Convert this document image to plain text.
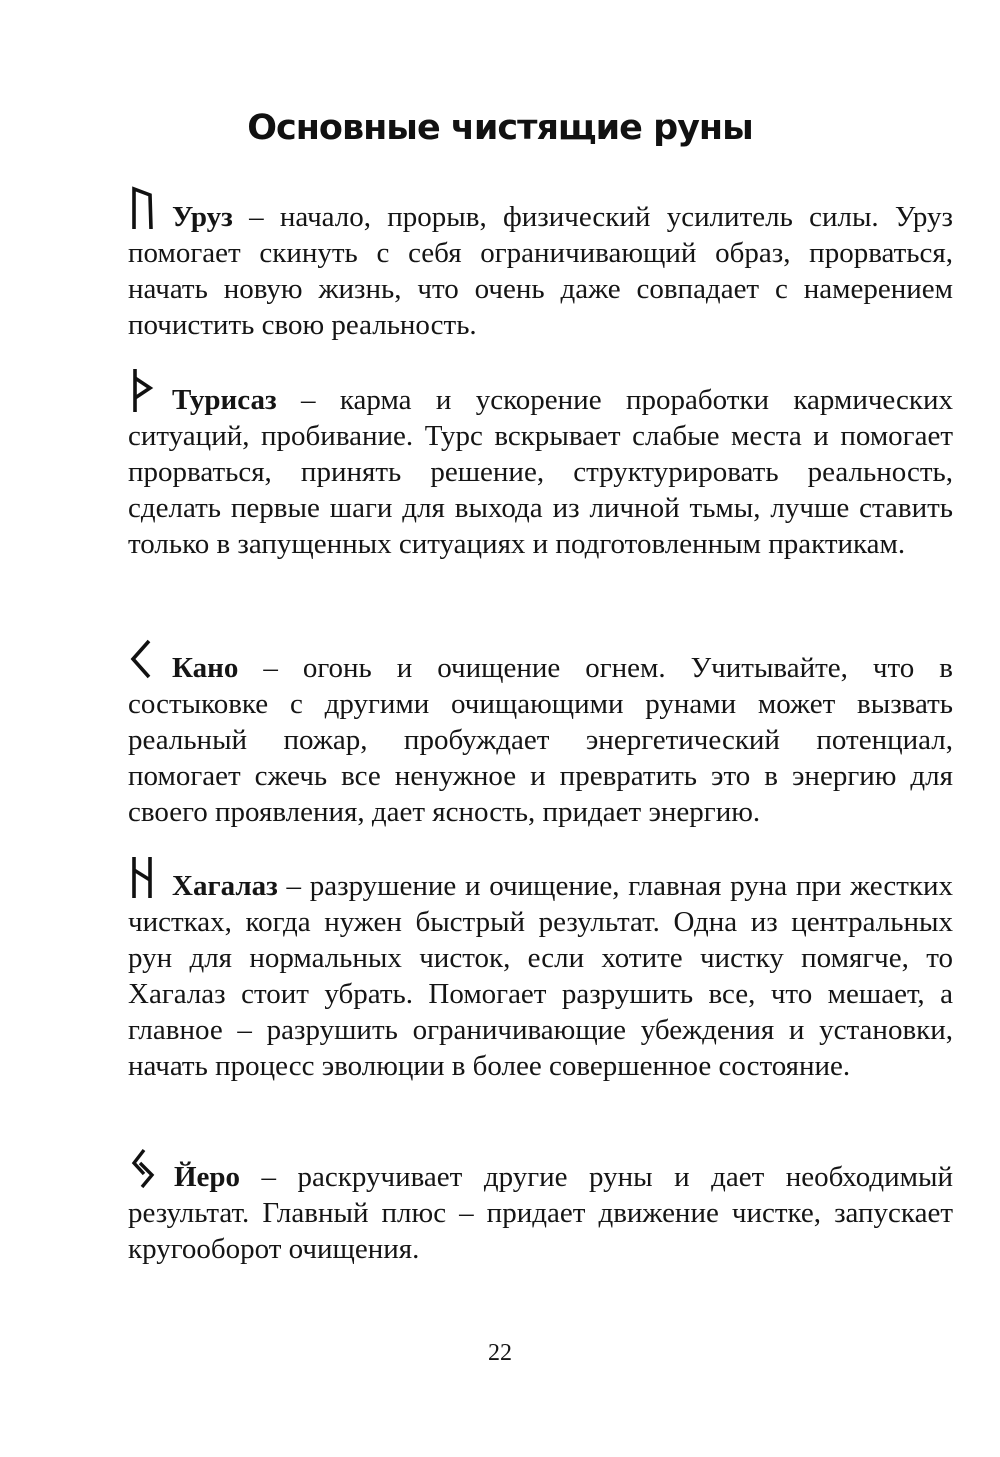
Основные чистящие руны

Уруз – начало, прорыв, физический усилитель силы. Уруз помогает скинуть с себя ограничивающий образ, прорваться, начать новую жизнь, что очень даже совпадает с намерением почистить свою реальность.

Турисаз – карма и ускорение проработки кармических ситуаций, пробивание. Турс вскрывает слабые места и помогает прорваться, принять решение, структурировать реальность, сделать первые шаги для выхода из личной тьмы, лучше ставить только в запущенных ситуациях и подготовленным практикам.

Кано – огонь и очищение огнем. Учитывайте, что в состыковке с другими очищающими рунами может вызвать реальный пожар, пробуждает энергетический потенциал, помогает сжечь все ненужное и превратить это в энергию для своего проявления, дает ясность, придает энергию.

Хагалаз – разрушение и очищение, главная руна при жестких чистках, когда нужен быстрый результат. Одна из центральных рун для нормальных чисток, если хотите чистку помягче, то Хагалаз стоит убрать. Помогает разрушить все, что мешает, а главное – разрушить ограничивающие убеждения и установки, начать процесс эволюции в более совершенное состояние.

Йеро – раскручивает другие руны и дает необходимый результат. Главный плюс – придает движение чистке, запускает кругооборот очищения.

22
